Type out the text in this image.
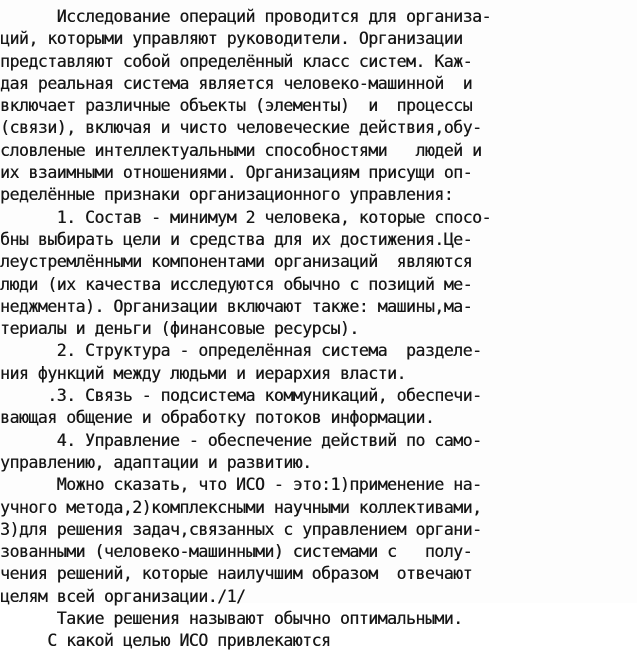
Исследование операций проводится для организа-
ций, которыми управляют руководители. Организации
представляют собой определённый класс систем. Каж-
дая реальная система является человеко-машинной  и
включает различные объекты (элементы)  и  процессы
(связи), включая и чисто человеческие действия,обу-
словленые интеллектуальными способностями   людей и
их взаимными отношениями. Организациям присущи оп-
ределённые признаки организационного управления:
1. Состав - минимум 2 человека, которые спосо-
бны выбирать цели и средства для их достижения.Це-
леустремлёнными компонентами организаций  являются
люди (их качества исследуются обычно с позиций ме-
неджмента). Организации включают также: машины,ма-
териалы и деньги (финансовые ресурсы).
2. Структура - определённая система  разделе-
ния функций между людьми и иерархия власти.
.3. Связь - подсистема коммуникаций, обеспечи-
вающая общение и обработку потоков информации.
4. Управление - обеспечение действий по само-
управлению, адаптации и развитию.
Можно сказать, что ИСО - это:1)применение на-
учного метода,2)комплексными научными коллективами,
3)для решения задач,связанных с управлением органи-
зованными (человеко-машинными) системами с   полу-
чения решений, которые наилучшим образом  отвечают
целям всей организации./1/
Такие решения называют обычно оптимальными.
С какой целью ИСО привлекаются
